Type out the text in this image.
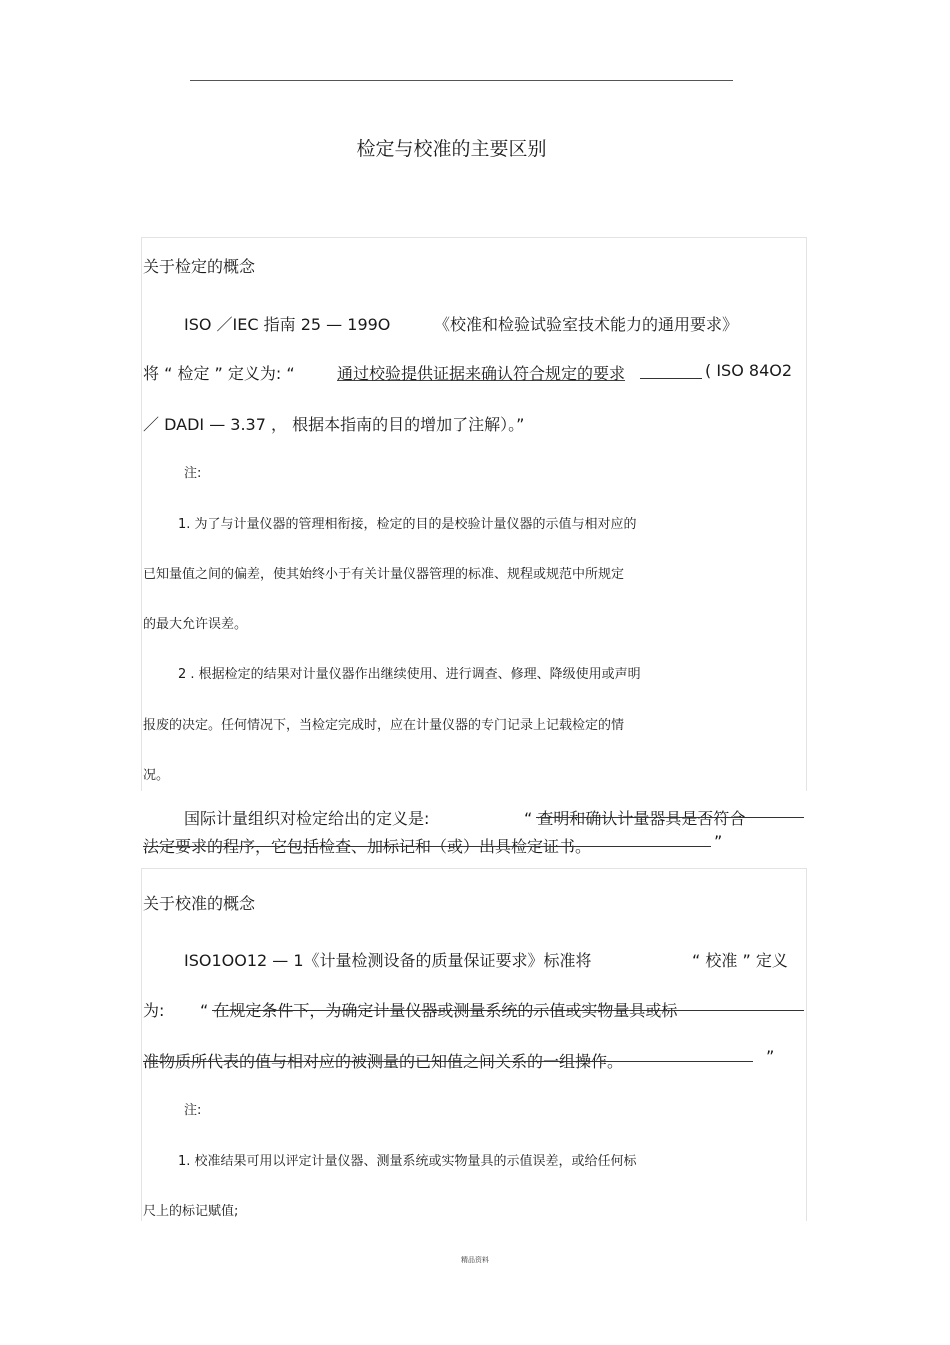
检定与校准的主要区别
关于检定的概念
ISO ／IEC 指南 25 — 199O	《校准和检验试验室技术能力的通用要求》
将 “ 检定 ” 定义为: “	通过校验提供证据来确认符合规定的要求	( ISO 84O2
／ DADI — 3.37 ， 根据本指南的目的增加了注解）。”
注:
1. 为了与计量仪器的管理相衔接，检定的目的是校验计量仪器的示值与相对应的
已知量值之间的偏差，使其始终小于有关计量仪器管理的标准、规程或规范中所规定
的最大允许误差。
2 . 根据检定的结果对计量仪器作出继续使用、进行调查、修理、降级使用或声明
报废的决定。任何情况下，当检定完成时，应在计量仪器的专门记录上记载检定的情
况。
国际计量组织对检定给出的定义是:	“ 查明和确认计量器具是否符合
法定要求的程序，它包括检查、加标记和（或）出具检定证书。	”
关于校准的概念
ISO1OO12 — 1《计量检测设备的质量保证要求》标准将	“ 校准 ” 定义
为: “ 在规定条件下，为确定计量仪器或测量系统的示值或实物量具或标
准物质所代表的值与相对应的被测量的已知值之间关系的一组操作。	”
注:
1. 校准结果可用以评定计量仪器、测量系统或实物量具的示值误差，或给任何标
尺上的标记赋值;
精品资料
